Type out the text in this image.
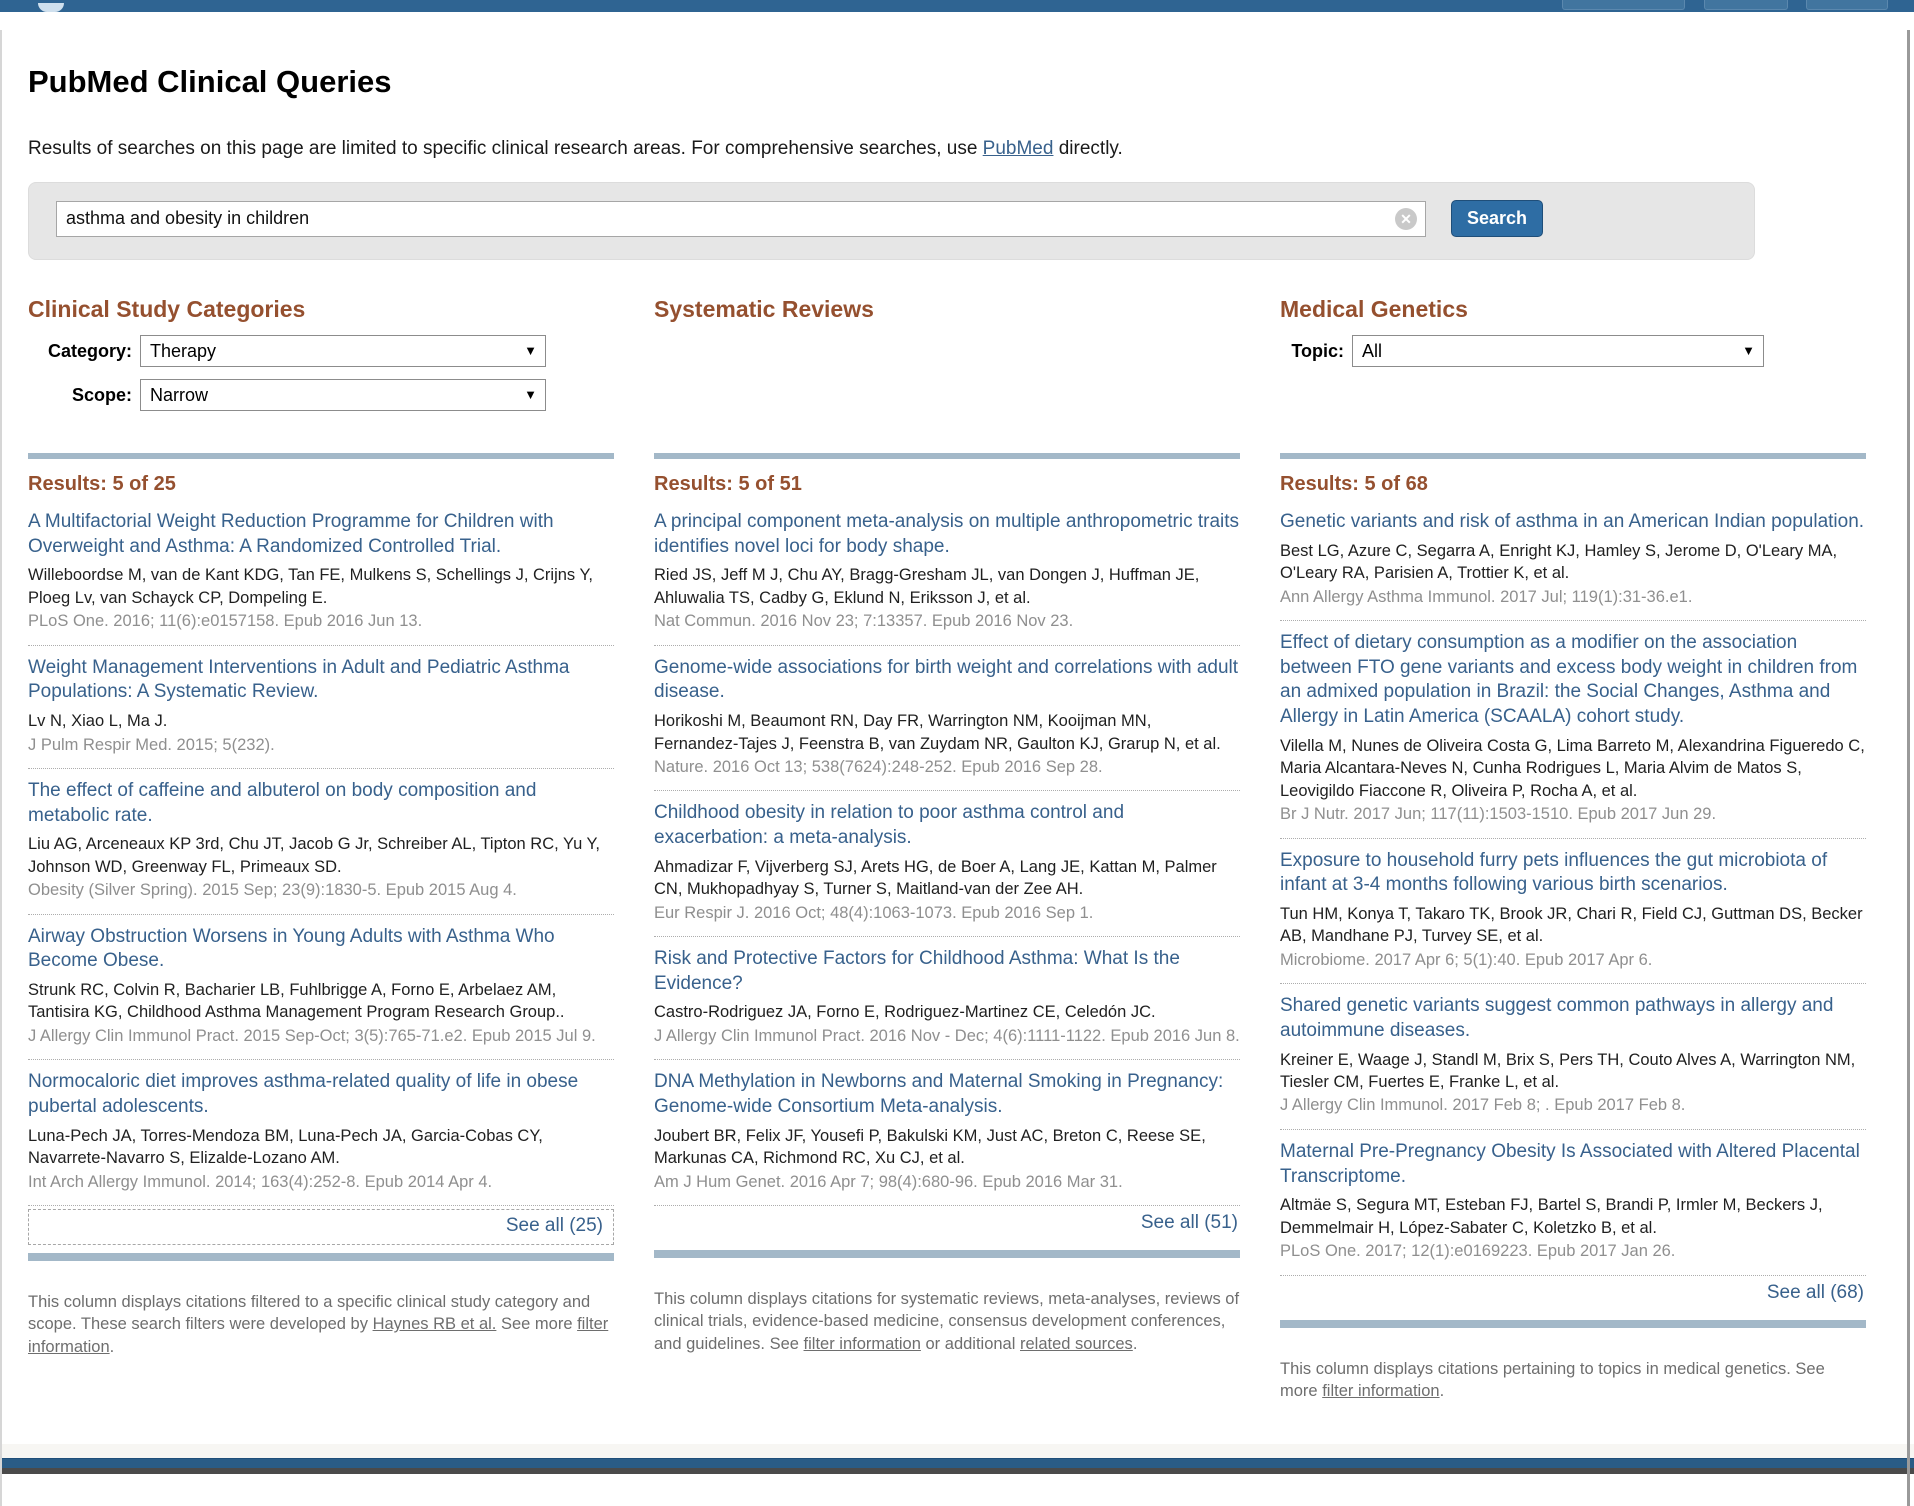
PubMed Clinical Queries

Results of searches on this page are limited to specific clinical research areas. For comprehensive searches, use PubMed directly.

asthma and obesity in children
✕	Search
Clinical Study Categories
Category:	Therapy	▼
Scope:	Narrow	▼
Systematic Reviews	Medical Genetics
Topic:	All	▼
Results: 5 of 25
A Multifactorial Weight Reduction Programme for Children with Overweight and Asthma: A Randomized Controlled Trial.
Willeboordse M, van de Kant KDG, Tan FE, Mulkens S, Schellings J, Crijns Y, Ploeg Lv, van Schayck CP, Dompeling E.
PLoS One. 2016; 11(6):e0157158. Epub 2016 Jun 13.
Weight Management Interventions in Adult and Pediatric Asthma Populations: A Systematic Review.
Lv N, Xiao L, Ma J.
J Pulm Respir Med. 2015; 5(232).
The effect of caffeine and albuterol on body composition and metabolic rate.
Liu AG, Arceneaux KP 3rd, Chu JT, Jacob G Jr, Schreiber AL, Tipton RC, Yu Y, Johnson WD, Greenway FL, Primeaux SD.
Obesity (Silver Spring). 2015 Sep; 23(9):1830-5. Epub 2015 Aug 4.
Airway Obstruction Worsens in Young Adults with Asthma Who Become Obese.
Strunk RC, Colvin R, Bacharier LB, Fuhlbrigge A, Forno E, Arbelaez AM, Tantisira KG, Childhood Asthma Management Program Research Group..
J Allergy Clin Immunol Pract. 2015 Sep-Oct; 3(5):765-71.e2. Epub 2015 Jul 9.
Normocaloric diet improves asthma-related quality of life in obese pubertal adolescents.
Luna-Pech JA, Torres-Mendoza BM, Luna-Pech JA, Garcia-Cobas CY, Navarrete-Navarro S, Elizalde-Lozano AM.
Int Arch Allergy Immunol. 2014; 163(4):252-8. Epub 2014 Apr 4.
See all (25)

This column displays citations filtered to a specific clinical study category and scope. These search filters were developed by Haynes RB et al. See more filter information.

Results: 5 of 51
A principal component meta-analysis on multiple anthropometric traits identifies novel loci for body shape.
Ried JS, Jeff M J, Chu AY, Bragg-Gresham JL, van Dongen J, Huffman JE, Ahluwalia TS, Cadby G, Eklund N, Eriksson J, et al.
Nat Commun. 2016 Nov 23; 7:13357. Epub 2016 Nov 23.
Genome-wide associations for birth weight and correlations with adult disease.
Horikoshi M, Beaumont RN, Day FR, Warrington NM, Kooijman MN, Fernandez-Tajes J, Feenstra B, van Zuydam NR, Gaulton KJ, Grarup N, et al.
Nature. 2016 Oct 13; 538(7624):248-252. Epub 2016 Sep 28.
Childhood obesity in relation to poor asthma control and exacerbation: a meta-analysis.
Ahmadizar F, Vijverberg SJ, Arets HG, de Boer A, Lang JE, Kattan M, Palmer CN, Mukhopadhyay S, Turner S, Maitland-van der Zee AH.
Eur Respir J. 2016 Oct; 48(4):1063-1073. Epub 2016 Sep 1.
Risk and Protective Factors for Childhood Asthma: What Is the Evidence?
Castro-Rodriguez JA, Forno E, Rodriguez-Martinez CE, Celedón JC.
J Allergy Clin Immunol Pract. 2016 Nov - Dec; 4(6):1111-1122. Epub 2016 Jun 8.
DNA Methylation in Newborns and Maternal Smoking in Pregnancy: Genome-wide Consortium Meta-analysis.
Joubert BR, Felix JF, Yousefi P, Bakulski KM, Just AC, Breton C, Reese SE, Markunas CA, Richmond RC, Xu CJ, et al.
Am J Hum Genet. 2016 Apr 7; 98(4):680-96. Epub 2016 Mar 31.
See all (51)

This column displays citations for systematic reviews, meta-analyses, reviews of clinical trials, evidence-based medicine, consensus development conferences, and guidelines. See filter information or additional related sources.

Results: 5 of 68
Genetic variants and risk of asthma in an American Indian population.
Best LG, Azure C, Segarra A, Enright KJ, Hamley S, Jerome D, O'Leary MA, O'Leary RA, Parisien A, Trottier K, et al.
Ann Allergy Asthma Immunol. 2017 Jul; 119(1):31-36.e1.
Effect of dietary consumption as a modifier on the association between FTO gene variants and excess body weight in children from an admixed population in Brazil: the Social Changes, Asthma and Allergy in Latin America (SCAALA) cohort study.
Vilella M, Nunes de Oliveira Costa G, Lima Barreto M, Alexandrina Figueredo C, Maria Alcantara-Neves N, Cunha Rodrigues L, Maria Alvim de Matos S, Leovigildo Fiaccone R, Oliveira P, Rocha A, et al.
Br J Nutr. 2017 Jun; 117(11):1503-1510. Epub 2017 Jun 29.
Exposure to household furry pets influences the gut microbiota of infant at 3-4 months following various birth scenarios.
Tun HM, Konya T, Takaro TK, Brook JR, Chari R, Field CJ, Guttman DS, Becker AB, Mandhane PJ, Turvey SE, et al.
Microbiome. 2017 Apr 6; 5(1):40. Epub 2017 Apr 6.
Shared genetic variants suggest common pathways in allergy and autoimmune diseases.
Kreiner E, Waage J, Standl M, Brix S, Pers TH, Couto Alves A, Warrington NM, Tiesler CM, Fuertes E, Franke L, et al.
J Allergy Clin Immunol. 2017 Feb 8; . Epub 2017 Feb 8.
Maternal Pre-Pregnancy Obesity Is Associated with Altered Placental Transcriptome.
Altmäe S, Segura MT, Esteban FJ, Bartel S, Brandi P, Irmler M, Beckers J, Demmelmair H, López-Sabater C, Koletzko B, et al.
PLoS One. 2017; 12(1):e0169223. Epub 2017 Jan 26.
See all (68)

This column displays citations pertaining to topics in medical genetics. See more filter information.
